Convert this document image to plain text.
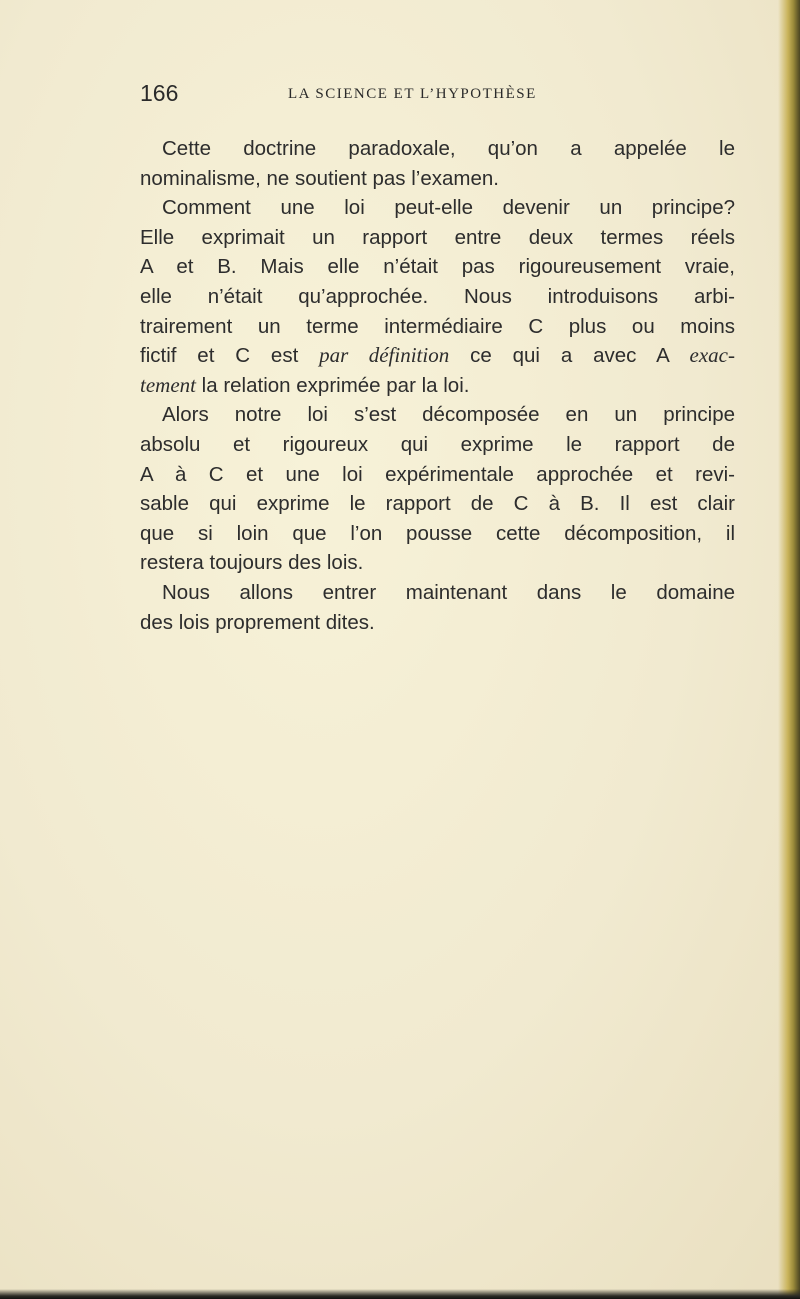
166	LA SCIENCE ET L’HYPOTHÈSE
Cette doctrine paradoxale, qu’on a appelée le
nominalisme, ne soutient pas l’examen.
Comment une loi peut-elle devenir un principe?
Elle exprimait un rapport entre deux termes réels
A et B. Mais elle n’était pas rigoureusement vraie,
elle n’était qu’approchée. Nous introduisons arbi-
trairement un terme intermédiaire C plus ou moins
fictif et C est par définition ce qui a avec A exac-
tement la relation exprimée par la loi.
Alors notre loi s’est décomposée en un principe
absolu et rigoureux qui exprime le rapport de
A à C et une loi expérimentale approchée et revi-
sable qui exprime le rapport de C à B. Il est clair
que si loin que l’on pousse cette décomposition, il
restera toujours des lois.
Nous allons entrer maintenant dans le domaine
des lois proprement dites.
